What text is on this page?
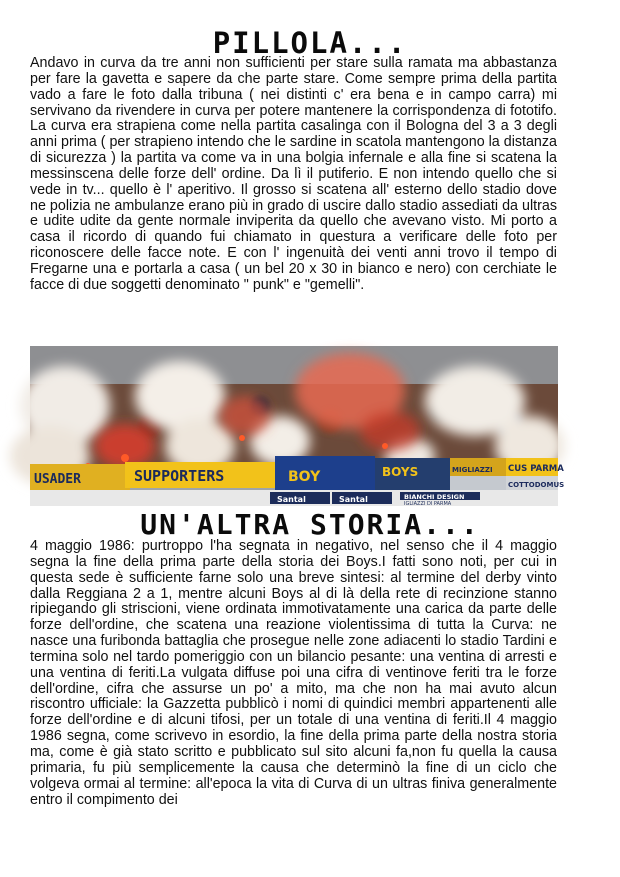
PILLOLA...

Andavo in curva da tre anni non sufficienti per stare sulla ramata ma abbastanza per fare la gavetta e sapere da che parte stare. Come sempre prima della partita vado a fare le foto dalla tribuna ( nei distinti c' era bena e in campo carra) mi servivano da rivendere in curva per potere mantenere la corrispondenza di fototifo. La curva era strapiena come nella partita casalinga con il Bologna del 3 a 3 degli anni prima ( per strapieno intendo che le sardine in scatola mantengono la distanza di sicurezza ) la partita va come va in una bolgia infernale e alla fine si scatena la messinscena delle forze dell' ordine. Da lì il putiferio. E non intendo quello che si vede in tv... quello è l' aperitivo. Il grosso si scatena all' esterno dello stadio dove ne polizia ne ambulanze erano più in grado di uscire dallo stadio assediati da ultras e udite udite da gente normale inviperita da quello che avevano visto. Mi porto a casa il ricordo di quando fui chiamato in questura a verificare delle foto per riconoscere delle facce note. E con l' ingenuità dei venti anni trovo il tempo di Fregarne una e portarla a casa ( un bel 20 x 30 in bianco e nero) con cerchiate le facce di due soggetti denominato " punk" e "gemelli".

USADER	SUPPORTERS	BOY	BOYS	MIGLIAZZI CUS PARMA
COTTODOMUS
Santal	Santal	BIANCHI DESIGN
IGLIAZZI DI PARMA
UN'ALTRA STORIA...

4 maggio 1986: purtroppo l'ha segnata in negativo, nel senso che il 4 maggio segna la fine della prima parte della storia dei Boys.I fatti sono noti, per cui in questa sede è sufficiente farne solo una breve sintesi: al termine del derby vinto dalla Reggiana 2 a 1, mentre alcuni Boys al di là della rete di recinzione stanno ripiegando gli striscioni, viene ordinata immotivatamente una carica da parte delle forze dell'ordine, che scatena una reazione violentissima di tutta la Curva: ne nasce una furibonda battaglia che prosegue nelle zone adiacenti lo stadio Tardini e termina solo nel tardo pomeriggio con un bilancio pesante: una ventina di arresti e una ventina di feriti.La vulgata diffuse poi una cifra di ventinove feriti tra le forze dell'ordine, cifra che assurse un po' a mito, ma che non ha mai avuto alcun riscontro ufficiale: la Gazzetta pubblicò i nomi di quindici membri appartenenti alle forze dell'ordine e di alcuni tifosi, per un totale di una ventina di feriti.Il 4 maggio 1986 segna, come scrivevo in esordio, la fine della prima parte della nostra storia ma, come è già stato scritto e pubblicato sul sito alcuni fa,non fu quella la causa primaria, fu più semplicemente la causa che determinò la fine di un ciclo che volgeva ormai al termine: all'epoca la vita di Curva di un ultras finiva generalmente entro il compimento dei
